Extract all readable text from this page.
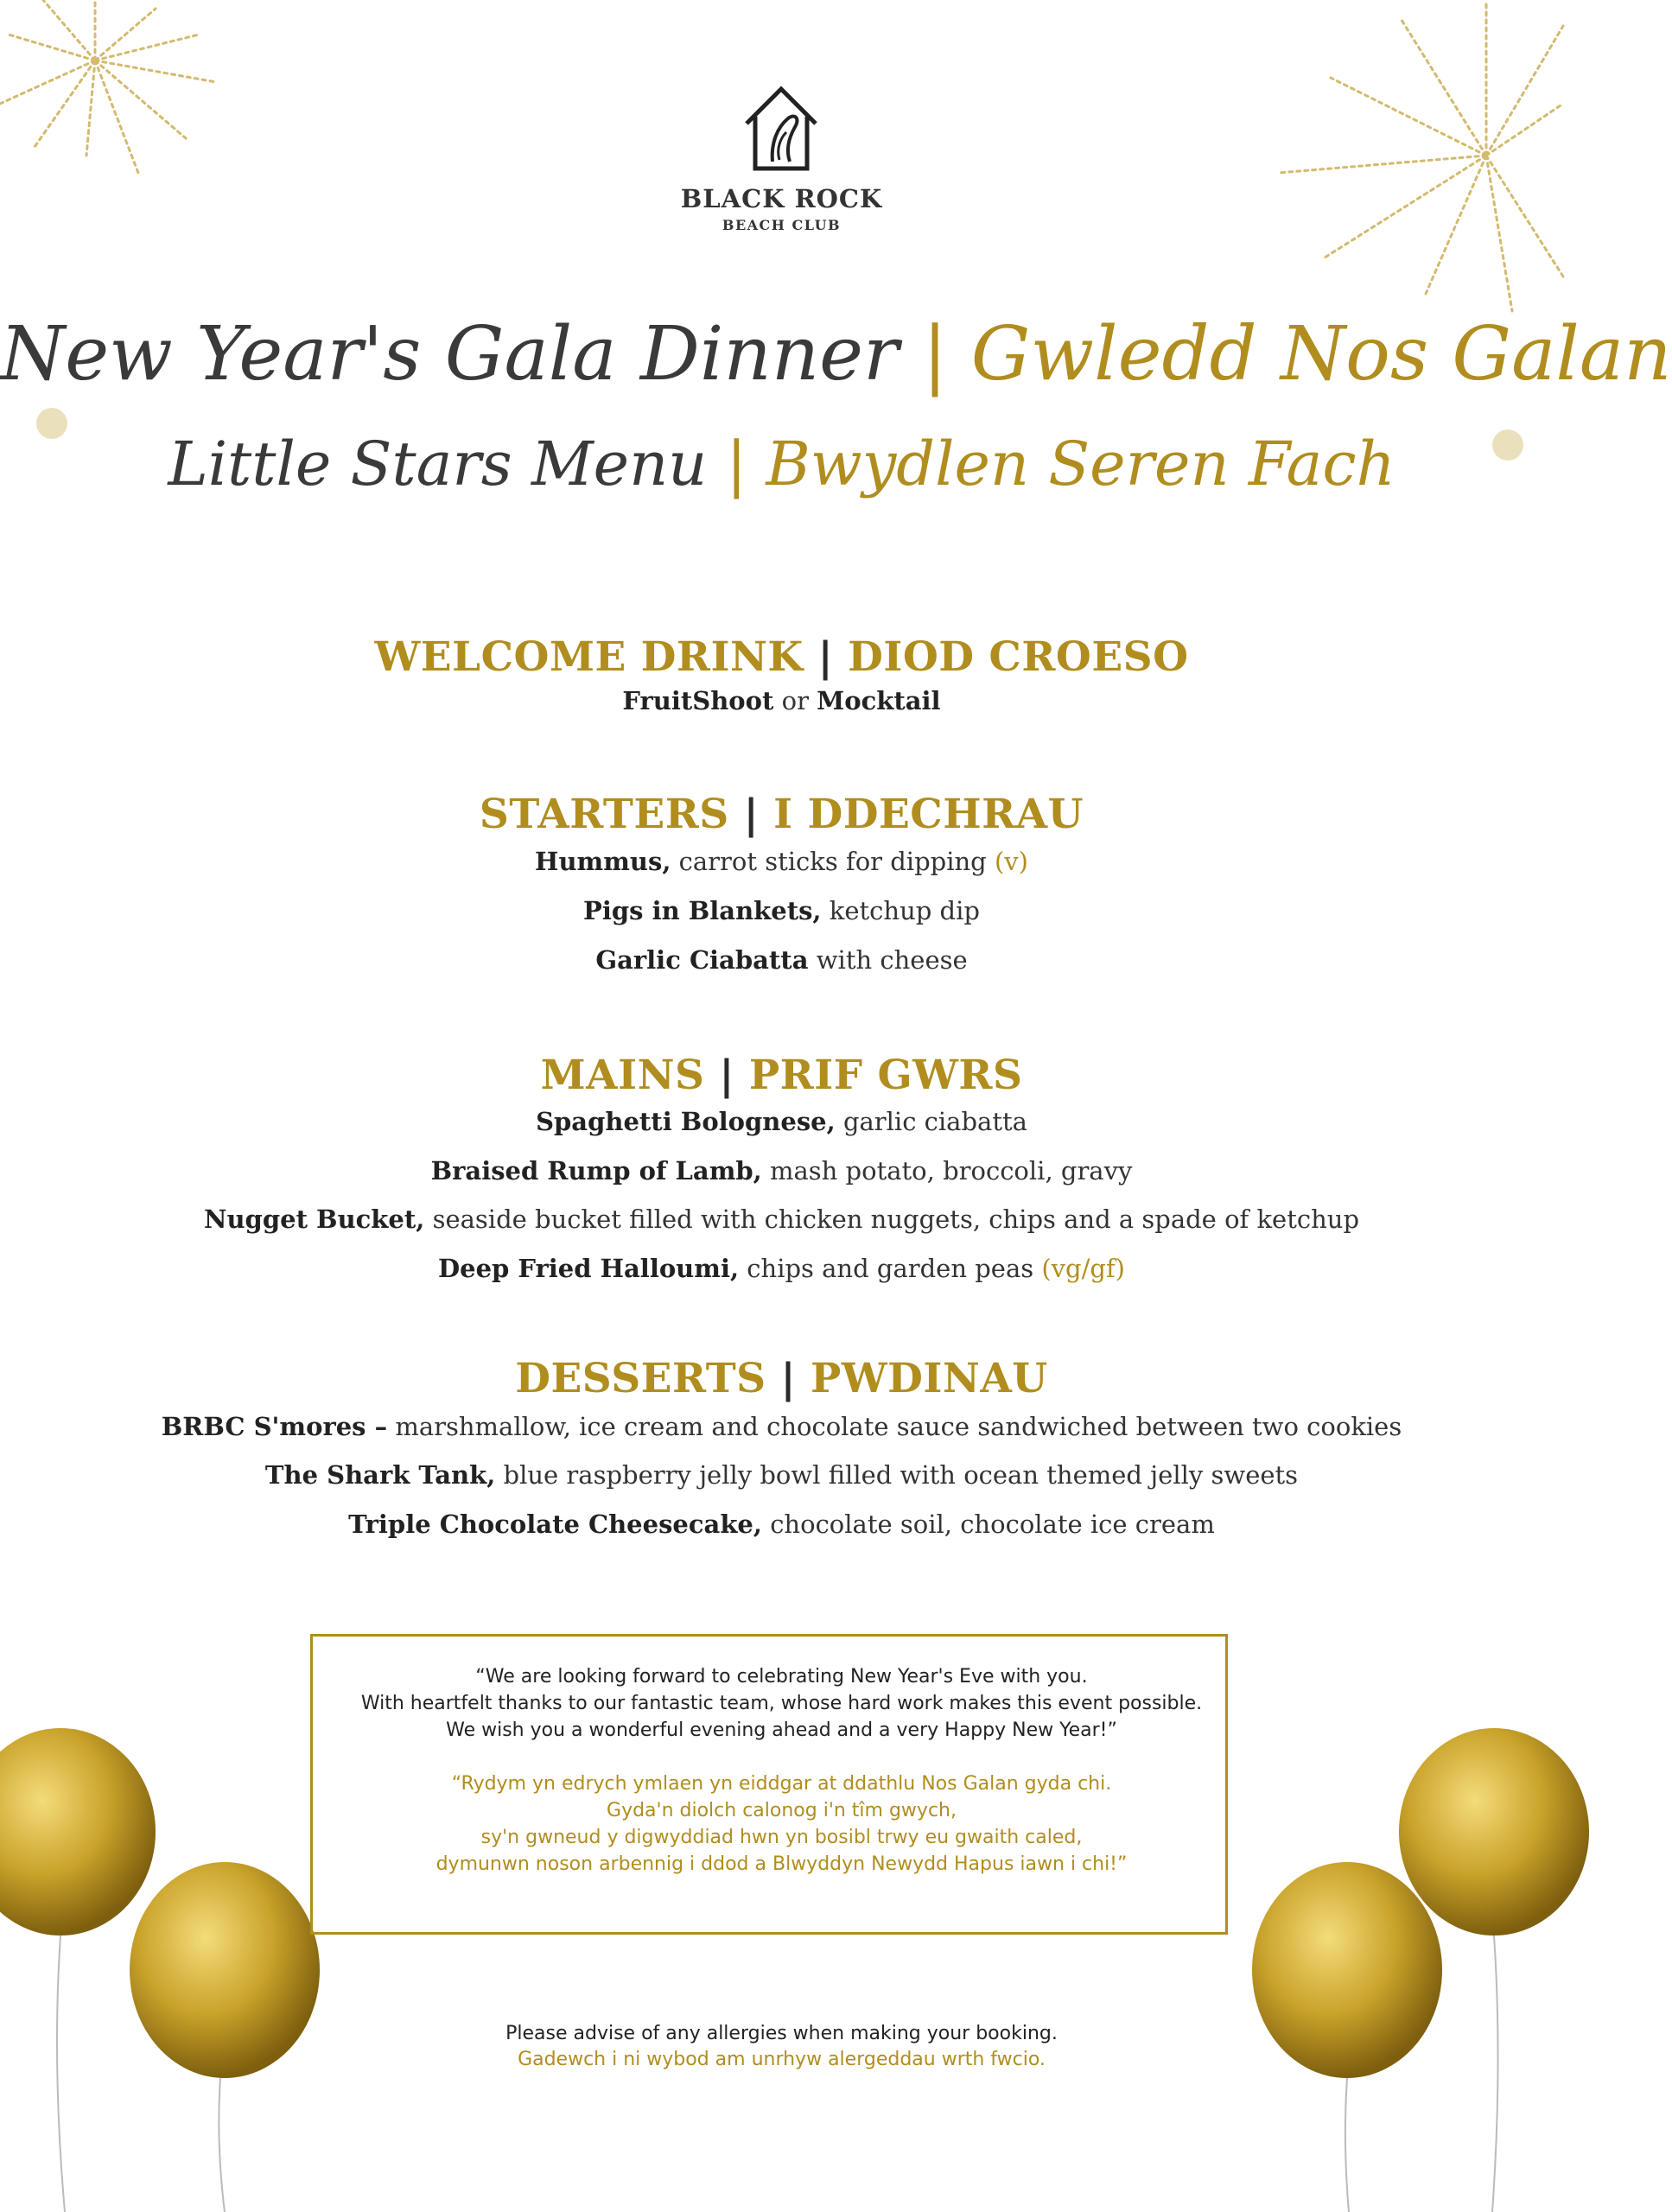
BLACK ROCK
BEACH CLUB
New Year's Gala Dinner | Gwledd Nos Galan
Little Stars Menu | Bwydlen Seren Fach
WELCOME DRINK | DIOD CROESO
FruitShoot or Mocktail
STARTERS | I DDECHRAU
Hummus, carrot sticks for dipping (v)
Pigs in Blankets, ketchup dip
Garlic Ciabatta with cheese
MAINS | PRIF GWRS
Spaghetti Bolognese, garlic ciabatta
Braised Rump of Lamb, mash potato, broccoli, gravy
Nugget Bucket, seaside bucket filled with chicken nuggets, chips and a spade of ketchup
Deep Fried Halloumi, chips and garden peas (vg/gf)
DESSERTS | PWDINAU
BRBC S'mores – marshmallow, ice cream and chocolate sauce sandwiched between two cookies
The Shark Tank, blue raspberry jelly bowl filled with ocean themed jelly sweets
Triple Chocolate Cheesecake, chocolate soil, chocolate ice cream
“We are looking forward to celebrating New Year's Eve with you.
With heartfelt thanks to our fantastic team, whose hard work makes this event possible.
We wish you a wonderful evening ahead and a very Happy New Year!”
“Rydym yn edrych ymlaen yn eiddgar at ddathlu Nos Galan gyda chi.
Gyda'n diolch calonog i'n tîm gwych,
sy'n gwneud y digwyddiad hwn yn bosibl trwy eu gwaith caled,
dymunwn noson arbennig i ddod a Blwyddyn Newydd Hapus iawn i chi!”
Please advise of any allergies when making your booking.
Gadewch i ni wybod am unrhyw alergeddau wrth fwcio.
